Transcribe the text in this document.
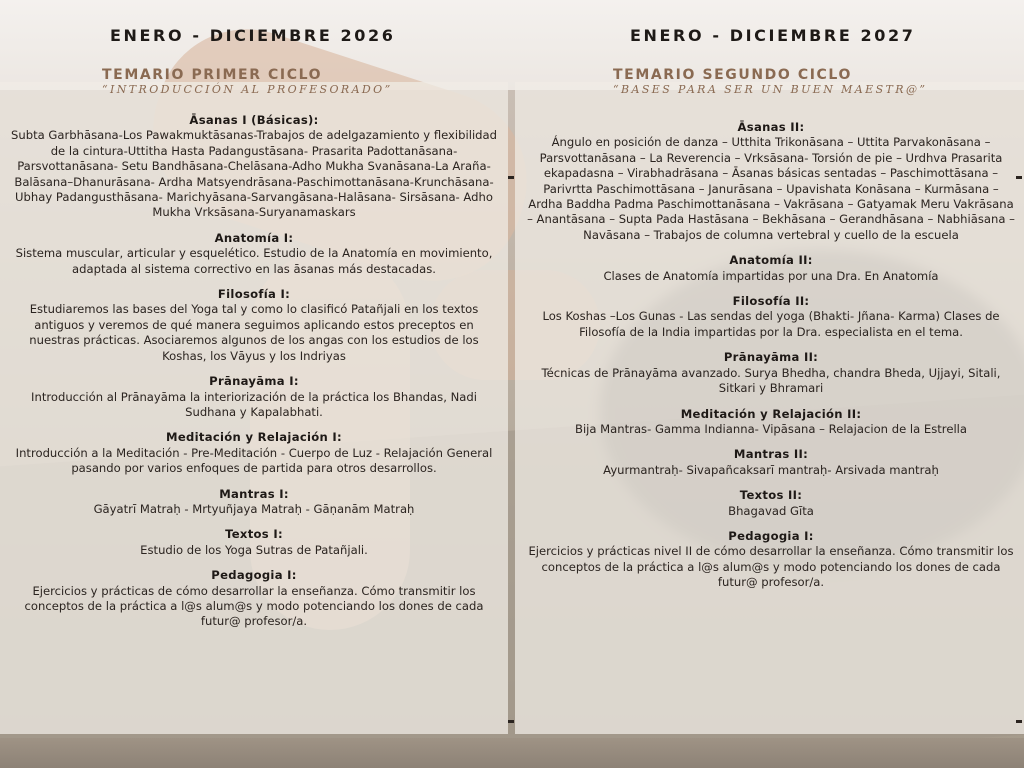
ENERO - DICIEMBRE 2026	ENERO - DICIEMBRE 2027
TEMARIO PRIMER CICLO
“INTRODUCCIÓN AL PROFESORADO”
TEMARIO SEGUNDO CICLO
“BASES PARA SER UN BUEN MAESTR@”
Āsanas I (Básicas):

Subta Garbhāsana-Los Pawakmuktāsanas-Trabajos de adelgazamiento y flexibilidad de la cintura-Uttitha Hasta Padangustāsana- Prasarita Padottanāsana-Parsvottanāsana- Setu Bandhāsana-Chelāsana-Adho Mukha Svanāsana-La Araña-Balāsana–Dhanurāsana- Ardha Matsyendrāsana-Paschimottanāsana-Krunchāsana-Ubhay Padangusthāsana- Marichyāsana-Sarvangāsana-Halāsana- Sirsāsana- Adho Mukha Vrksāsana-Suryanamaskars

Anatomía I:

Sistema muscular, articular y esquelético. Estudio de la Anatomía en movimiento, adaptada al sistema correctivo en las āsanas más destacadas.

Filosofía I:

Estudiaremos las bases del Yoga tal y como lo clasificó Patañjali en los textos antiguos y veremos de qué manera seguimos aplicando estos preceptos en nuestras prácticas. Asociaremos algunos de los angas con los estudios de los Koshas, los Vāyus y los Indriyas

Prānayāma I:

Introducción al Prānayāma la interiorización de la práctica los Bhandas, Nadi Sudhana y Kapalabhati.

Meditación y Relajación I:

Introducción a la Meditación - Pre-Meditación - Cuerpo de Luz - Relajación General pasando por varios enfoques de partida para otros desarrollos.

Mantras I:

Gāyatrī Matraḥ - Mrtyuñjaya Matraḥ - Gāṇanām Matraḥ

Textos I:

Estudio de los Yoga Sutras de Patañjali.

Pedagogia I:

Ejercicios y prácticas de cómo desarrollar la enseñanza. Cómo transmitir los conceptos de la práctica a l@s alum@s y modo potenciando los dones de cada futur@ profesor/a.

Āsanas II:

Ángulo en posición de danza – Utthita Trikonāsana – Uttita Parvakonāsana – Parsvottanāsana – La Reverencia – Vrksāsana- Torsión de pie – Urdhva Prasarita ekapadasna – Virabhadrāsana – Āsanas básicas sentadas – Paschimottāsana – Parivrtta Paschimottāsana – Janurāsana – Upavishata Konāsana – Kurmāsana – Ardha Baddha Padma Paschimottanāsana – Vakrāsana – Gatyamak Meru Vakrāsana – Anantāsana – Supta Pada Hastāsana – Bekhāsana – Gerandhāsana – Nabhiāsana – Navāsana – Trabajos de columna vertebral y cuello de la escuela

Anatomía II:

Clases de Anatomía impartidas por una Dra. En Anatomía

Filosofía II:

Los Koshas –Los Gunas - Las sendas del yoga (Bhakti- Jñana- Karma) Clases de Filosofía de la India impartidas por la Dra. especialista en el tema.

Prānayāma II:

Técnicas de Prānayāma avanzado. Surya Bhedha, chandra Bheda, Ujjayi, Sitali, Sitkari y Bhramari

Meditación y Relajación II:

Bija Mantras- Gamma Indianna- Vipāsana – Relajacion de la Estrella

Mantras II:

Ayurmantraḥ- Sivapañcaksarī mantraḥ- Arsivada mantraḥ

Textos II:

Bhagavad Gīta

Pedagogia I:

Ejercicios y prácticas nivel II de cómo desarrollar la enseñanza. Cómo transmitir los conceptos de la práctica a l@s alum@s y modo potenciando los dones de cada futur@ profesor/a.
